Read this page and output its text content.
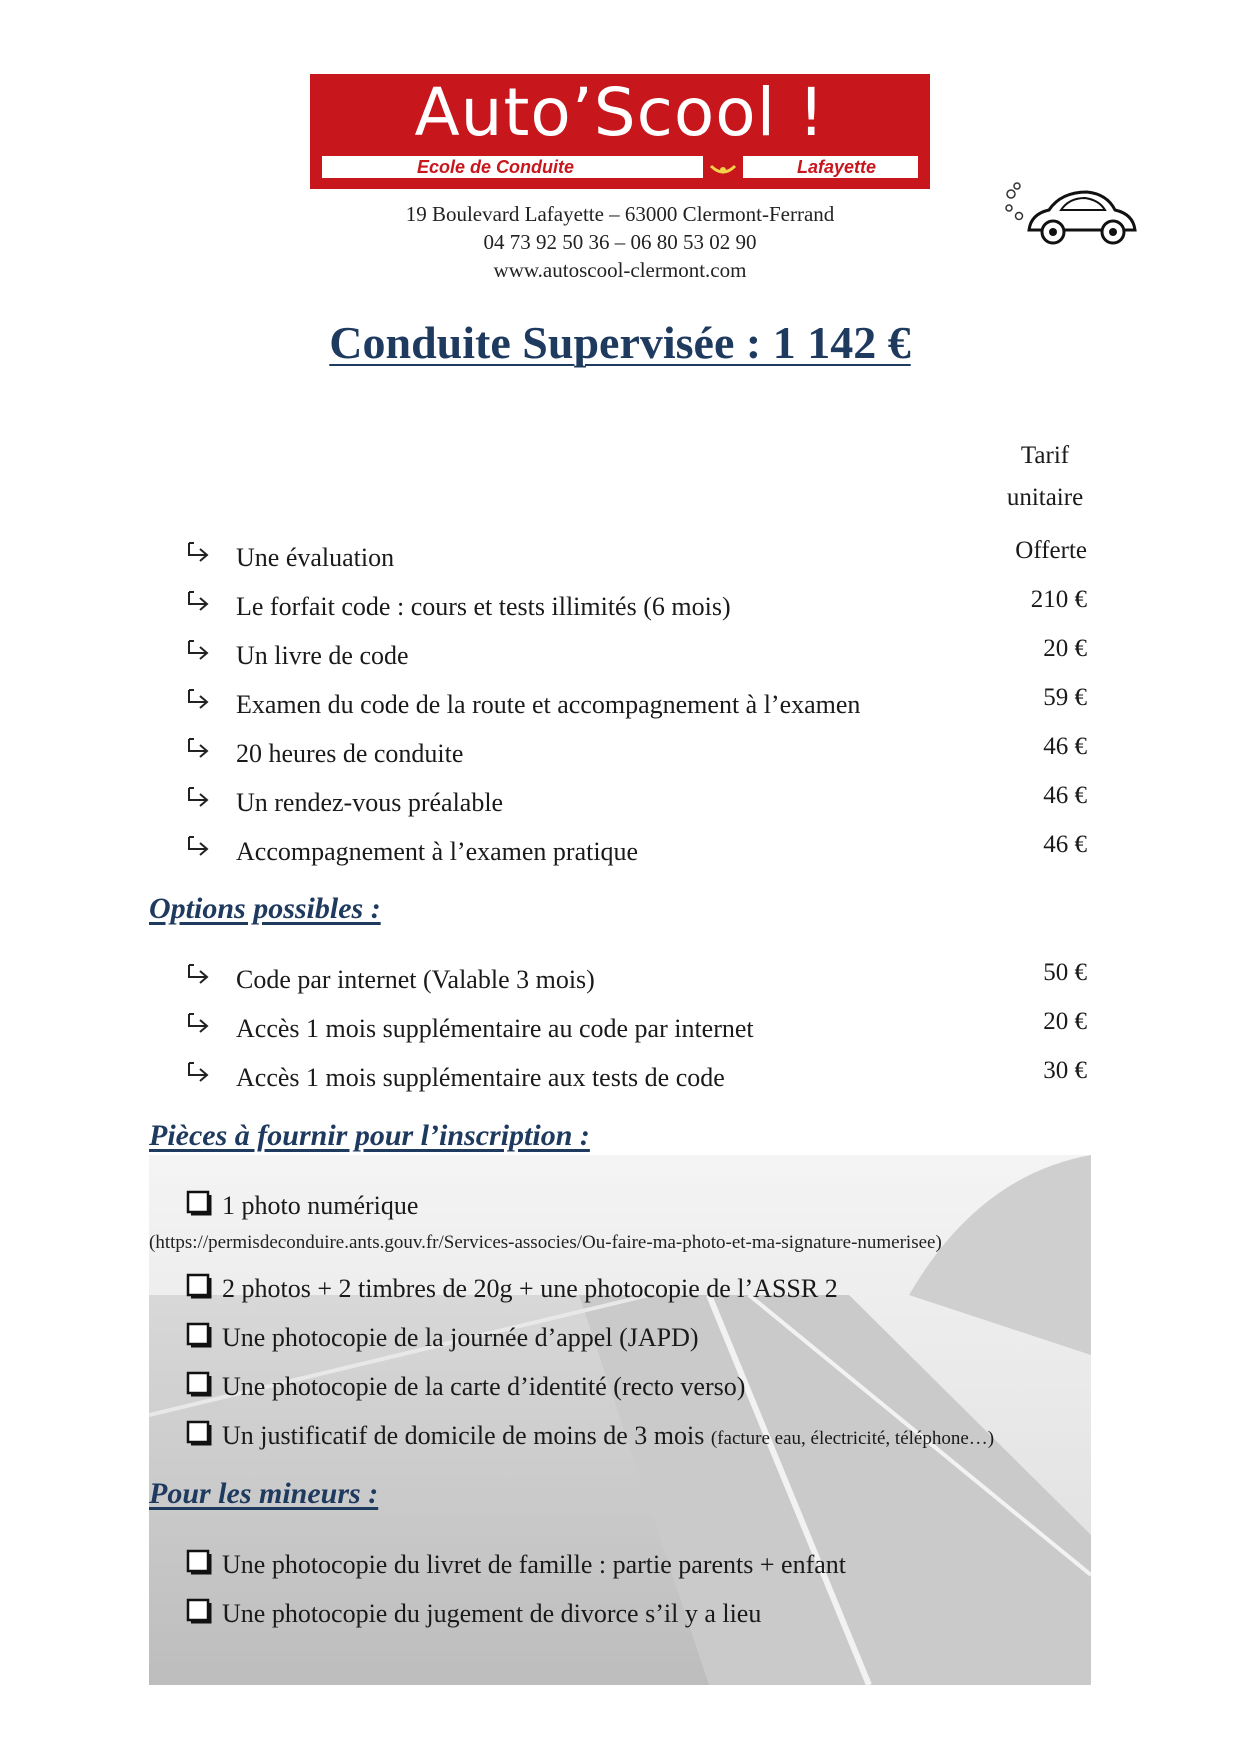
Auto’Scool !
Ecole de Conduite	Lafayette
19 Boulevard Lafayette – 63000 Clermont-Ferrand
04 73 92 50 36 – 06 80 53 02 90
www.autoscool-clermont.com
Conduite Supervisée : 1 142 €
Tarif
unitaire
Une évaluation	Offerte
Le forfait code : cours et tests illimités (6 mois)	210 €
Un livre de code	20 €
Examen du code de la route et accompagnement à l’examen	59 €
20 heures de conduite	46 €
Un rendez-vous préalable	46 €
Accompagnement à l’examen pratique	46 €
Options possibles :
Code par internet (Valable 3 mois)	50 €
Accès 1 mois supplémentaire au code par internet	20 €
Accès 1 mois supplémentaire aux tests de code	30 €
Pièces à fournir pour l’inscription :
1 photo numérique
(https://permisdeconduire.ants.gouv.fr/Services-associes/Ou-faire-ma-photo-et-ma-signature-numerisee)
2 photos + 2 timbres de 20g + une photocopie de l’ASSR 2
Une photocopie de la journée d’appel (JAPD)
Une photocopie de la carte d’identité (recto verso)
Un justificatif de domicile de moins de 3 mois (facture eau, électricité, téléphone…)
Pour les mineurs :
Une photocopie du livret de famille : partie parents + enfant
Une photocopie du jugement de divorce s’il y a lieu
